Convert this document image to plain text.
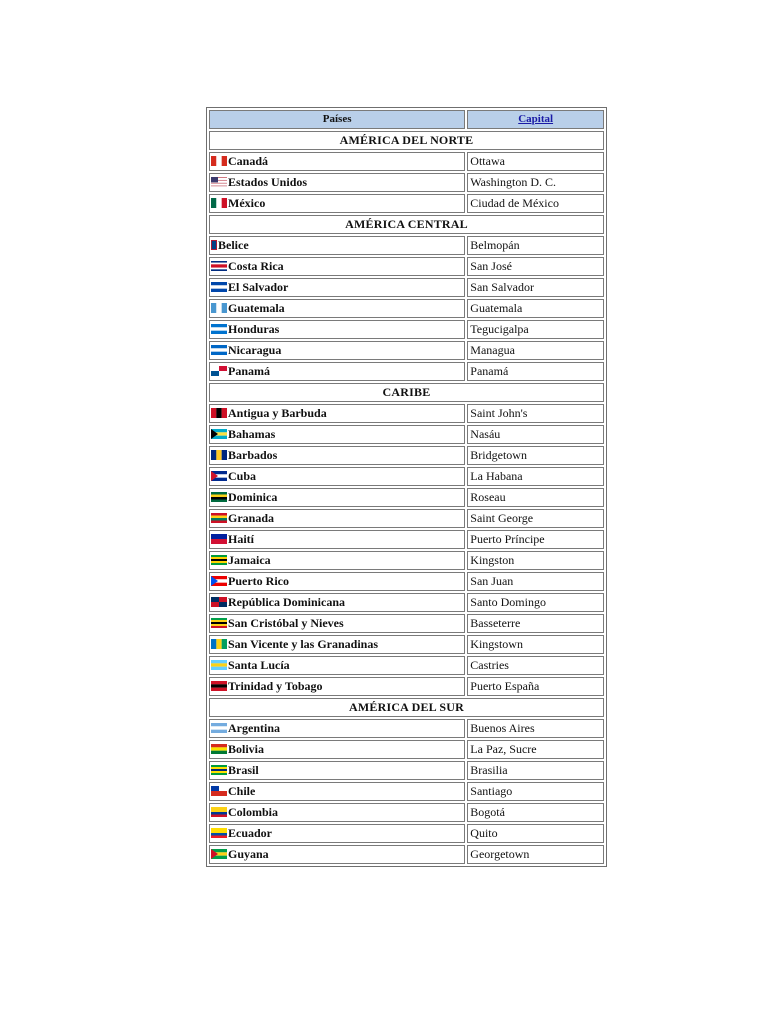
Países	Capital
AMÉRICA DEL NORTE	
Canadá	Ottawa
Estados Unidos	Washington D. C.
México	Ciudad de México
AMÉRICA CENTRAL	
Belice	Belmopán
Costa Rica	San José
El Salvador	San Salvador
Guatemala	Guatemala
Honduras	Tegucigalpa
Nicaragua	Managua
Panamá	Panamá
CARIBE	
Antigua y Barbuda	Saint John's
Bahamas	Nasáu
Barbados	Bridgetown
Cuba	La Habana
Dominica	Roseau
Granada	Saint George
Haití	Puerto Príncipe
Jamaica	Kingston
Puerto Rico	San Juan
República Dominicana	Santo Domingo
San Cristóbal y Nieves	Basseterre
San Vicente y las Granadinas	Kingstown
Santa Lucía	Castries
Trinidad y Tobago	Puerto España
AMÉRICA DEL SUR	
Argentina	Buenos Aires
Bolivia	La Paz, Sucre
Brasil	Brasilia
Chile	Santiago
Colombia	Bogotá
Ecuador	Quito
Guyana	Georgetown
